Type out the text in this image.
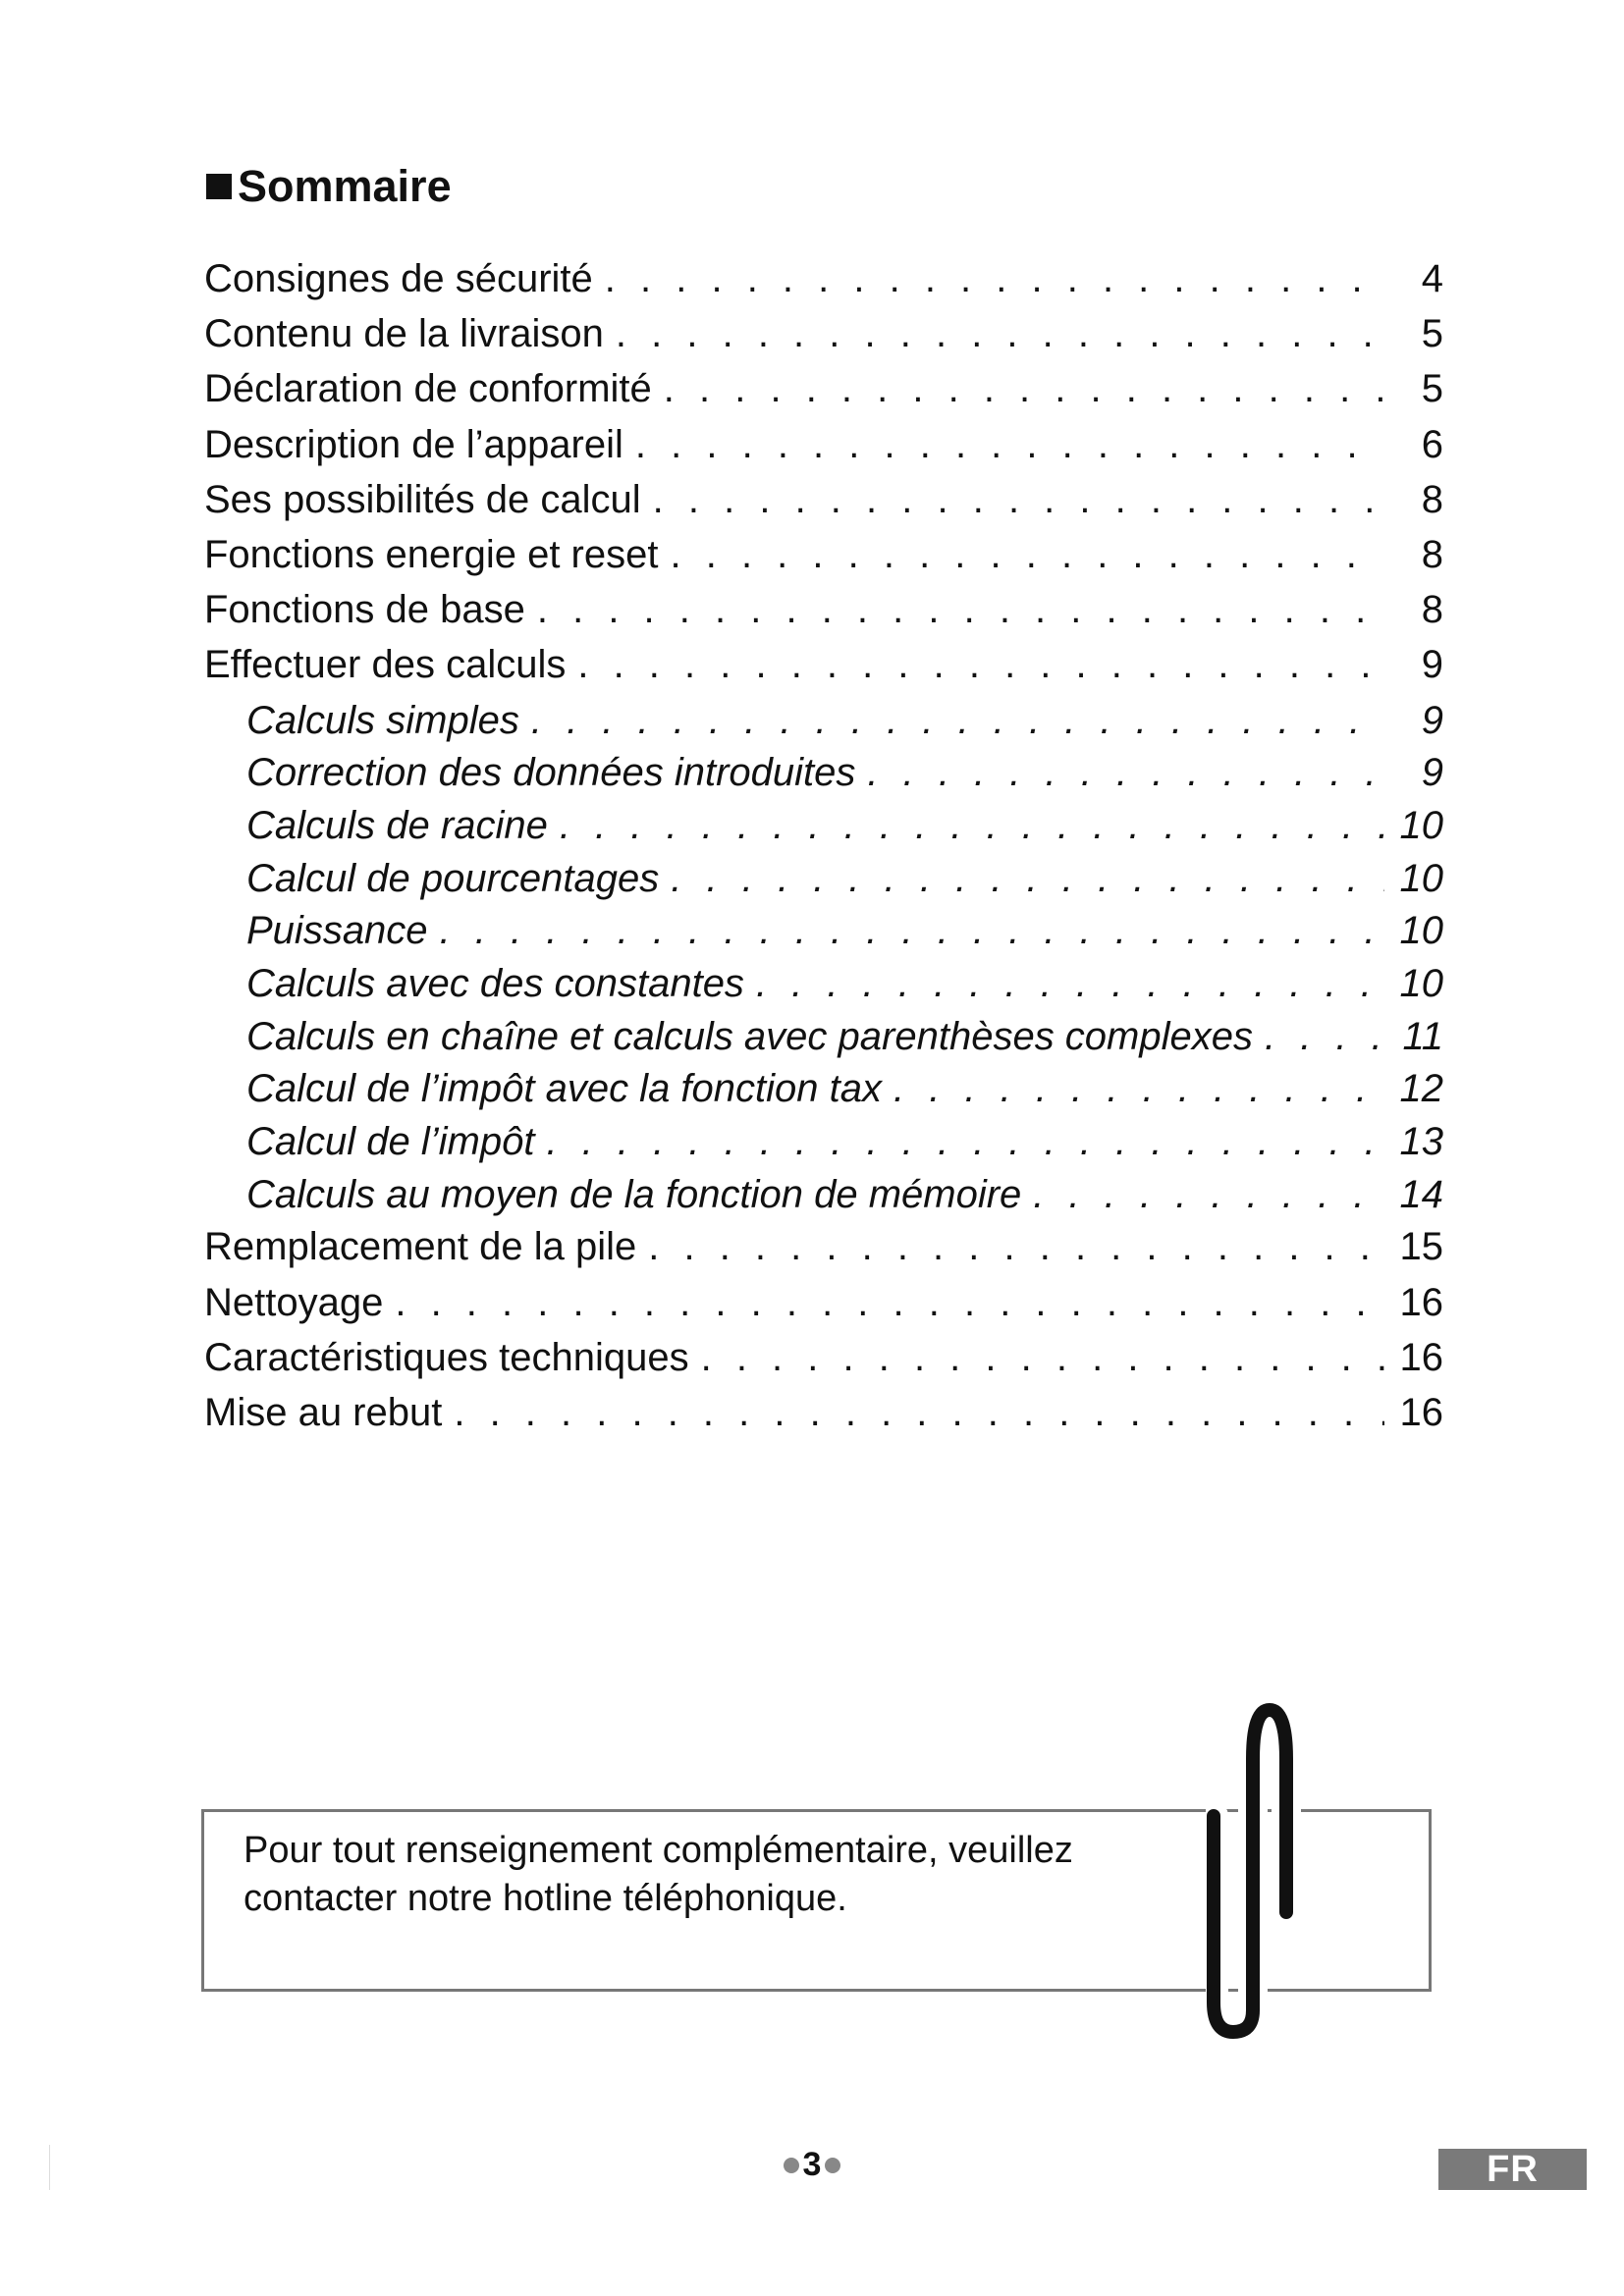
Sommaire
Consignes de sécurité . . .	4
Contenu de la livraison . . .	5
Déclaration de conformité . . .	5
Description de l’appareil . . .	6
Ses possibilités de calcul . . .	8
Fonctions energie et reset . . .	8
Fonctions de base . . .	8
Effectuer des calculs . . .	9
Calculs simples . . .	9
Correction des données introduites . . .	9
Calculs de racine . . .	10
Calcul de pourcentages . . .	10
Puissance . . .	10
Calculs avec des constantes . . .	10
Calculs en chaîne et calculs avec parenthèses complexes . . .	11
Calcul de l’impôt avec la fonction tax . . .	12
Calcul de l’impôt . . .	13
Calculs au moyen de la fonction de mémoire . . .	14
Remplacement de la pile . . .	15
Nettoyage . . .	16
Caractéristiques techniques . . .	16
Mise au rebut . . .	16

Pour tout renseignement complémentaire, veuillez
contacter notre hotline téléphonique.

3	FR
